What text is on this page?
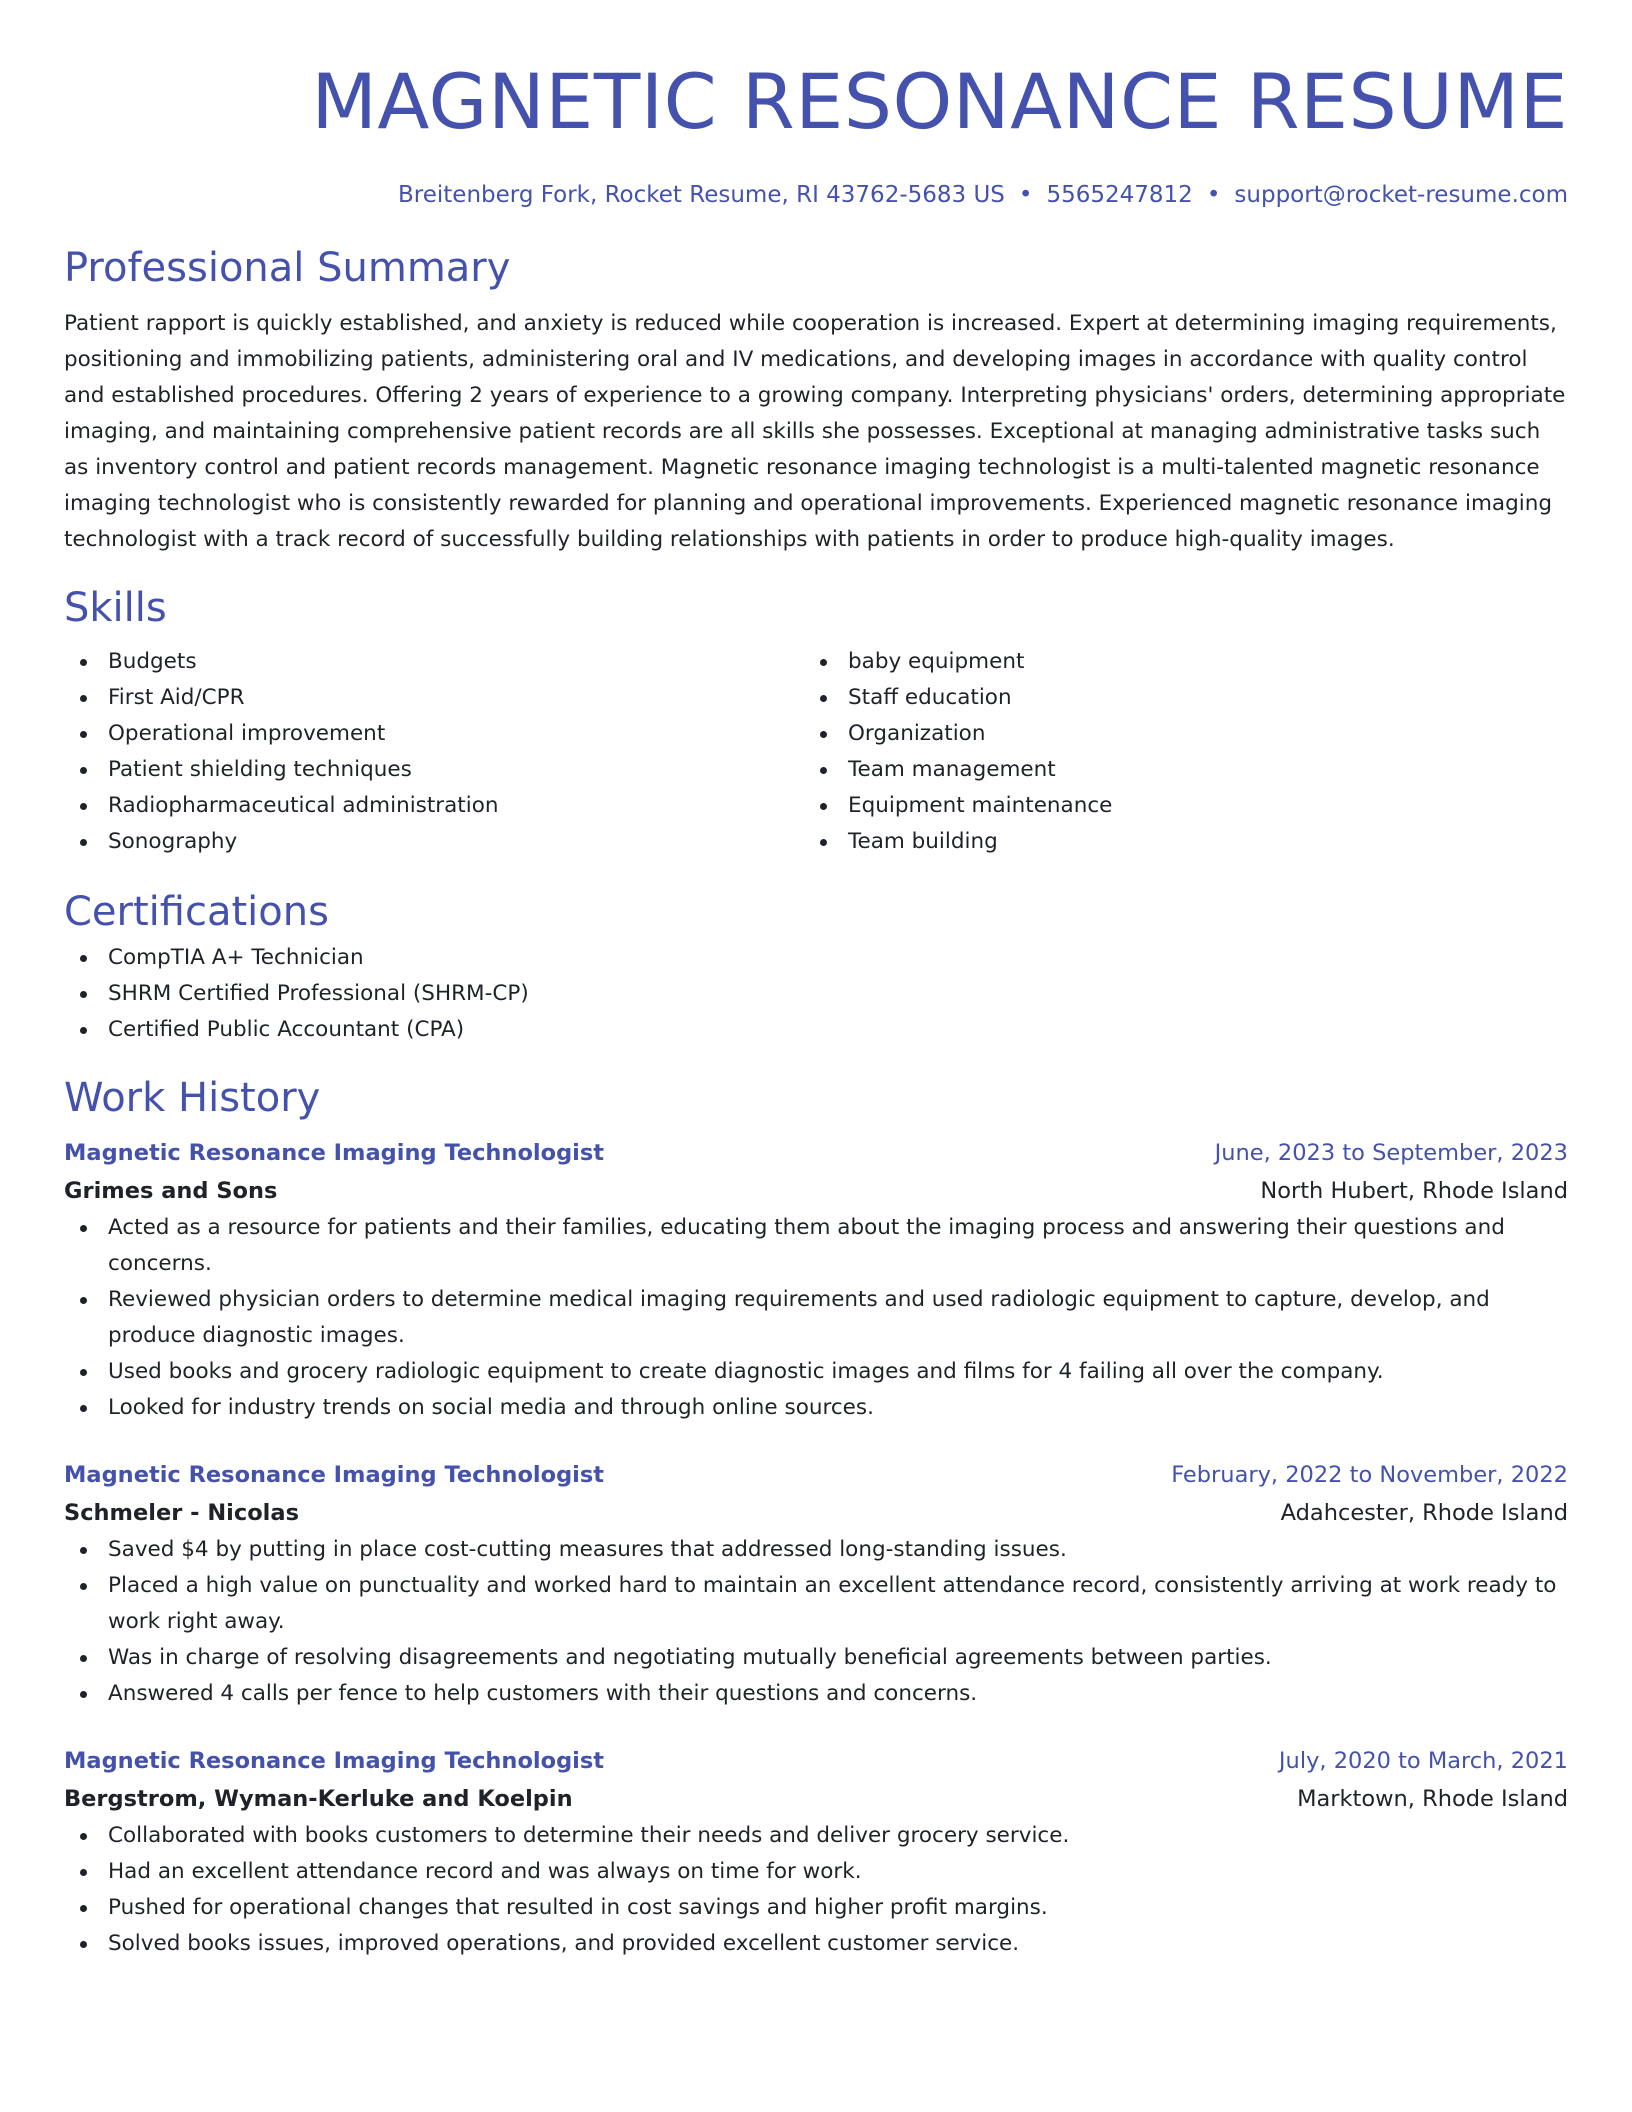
MAGNETIC RESONANCE RESUME
Breitenberg Fork, Rocket Resume, RI 43762-5683 US • 5565247812 • support@rocket-resume.com
Professional Summary
Patient rapport is quickly established, and anxiety is reduced while cooperation is increased. Expert at determining imaging requirements, positioning and immobilizing patients, administering oral and IV medications, and developing images in accordance with quality control and established procedures. Offering 2 years of experience to a growing company. Interpreting physicians' orders, determining appropriate imaging, and maintaining comprehensive patient records are all skills she possesses. Exceptional at managing administrative tasks such as inventory control and patient records management. Magnetic resonance imaging technologist is a multi-talented magnetic resonance imaging technologist who is consistently rewarded for planning and operational improvements. Experienced magnetic resonance imaging technologist with a track record of successfully building relationships with patients in order to produce high-quality images.
Skills
Budgets
First Aid/CPR
Operational improvement
Patient shielding techniques
Radiopharmaceutical administration
Sonography
baby equipment
Staff education
Organization
Team management
Equipment maintenance
Team building
Certifications
CompTIA A+ Technician
SHRM Certified Professional (SHRM-CP)
Certified Public Accountant (CPA)
Work History
Magnetic Resonance Imaging Technologist	June, 2023 to September, 2023
Grimes and Sons	North Hubert, Rhode Island
Acted as a resource for patients and their families, educating them about the imaging process and answering their questions and concerns.
Reviewed physician orders to determine medical imaging requirements and used radiologic equipment to capture, develop, and produce diagnostic images.
Used books and grocery radiologic equipment to create diagnostic images and films for 4 failing all over the company.
Looked for industry trends on social media and through online sources.
Magnetic Resonance Imaging Technologist	February, 2022 to November, 2022
Schmeler - Nicolas	Adahcester, Rhode Island
Saved $4 by putting in place cost-cutting measures that addressed long-standing issues.
Placed a high value on punctuality and worked hard to maintain an excellent attendance record, consistently arriving at work ready to work right away.
Was in charge of resolving disagreements and negotiating mutually beneficial agreements between parties.
Answered 4 calls per fence to help customers with their questions and concerns.
Magnetic Resonance Imaging Technologist	July, 2020 to March, 2021
Bergstrom, Wyman-Kerluke and Koelpin	Marktown, Rhode Island
Collaborated with books customers to determine their needs and deliver grocery service.
Had an excellent attendance record and was always on time for work.
Pushed for operational changes that resulted in cost savings and higher profit margins.
Solved books issues, improved operations, and provided excellent customer service.
